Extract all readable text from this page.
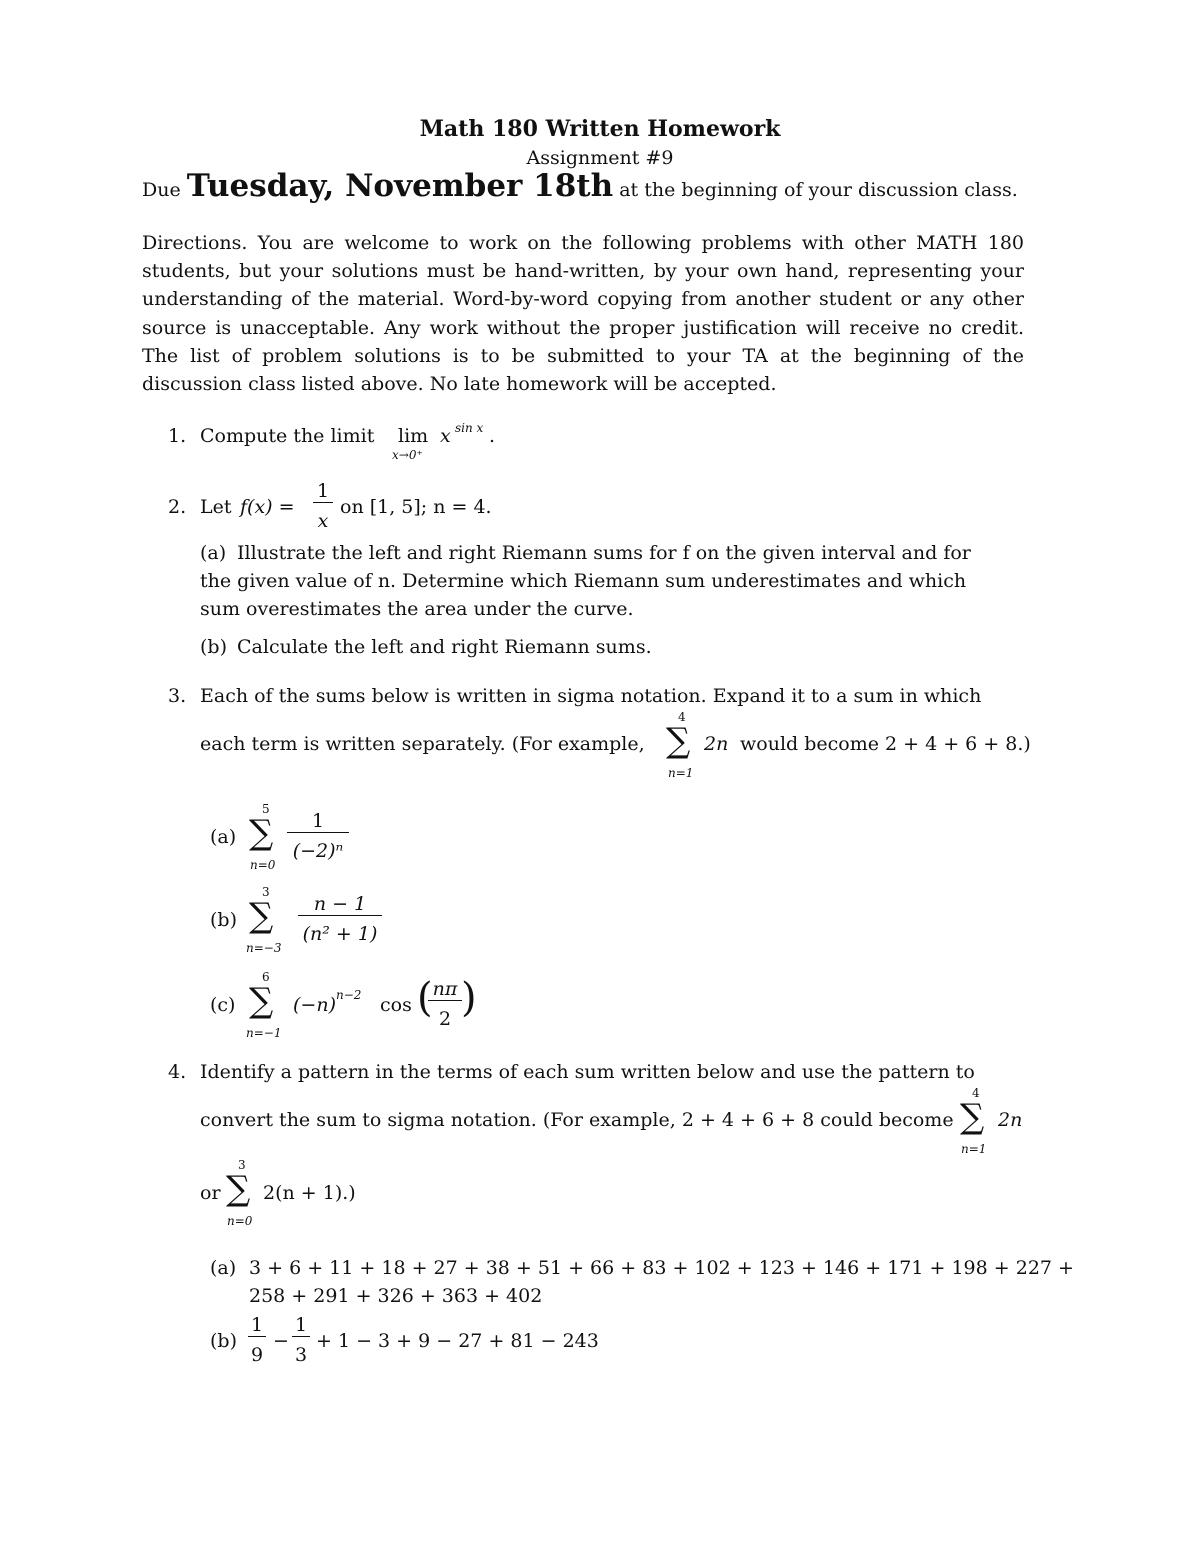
Math 180 Written Homework
Assignment #9
Due Tuesday, November 18th at the beginning of your discussion class.
Directions. You are welcome to work on the following problems with other MATH 180 students, but your solutions must be hand-written, by your own hand, representing your understanding of the material. Word-by-word copying from another student or any other source is unacceptable. Any work without the proper justification will receive no credit. The list of problem solutions is to be submitted to your TA at the beginning of the discussion class listed above. No late homework will be accepted.
1. Compute the limit lim
x→0⁺
x sin x .
2. Let f(x) =
1
x
on [1, 5]; n = 4.
(a) Illustrate the left and right Riemann sums for f on the given interval and for
the given value of n. Determine which Riemann sum underestimates and which
sum overestimates the area under the curve.
(b) Calculate the left and right Riemann sums.
3. Each of the sums below is written in sigma notation. Expand it to a sum in which
each term is written separately. (For example,
4
∑
n=1
2n would become 2 + 4 + 6 + 8.)
(a)
5
∑
n=0
1
(−2)ⁿ
(b)
3
∑
n=−3
n − 1
(n² + 1)
(c)
6
∑
n=−1
(−n) n−2 cos ( nπ
2 )
4. Identify a pattern in the terms of each sum written below and use the pattern to
convert the sum to sigma notation. (For example, 2 + 4 + 6 + 8 could become
4
∑
n=1
2n
or
3
∑
n=0
2(n + 1).)
(a) 3 + 6 + 11 + 18 + 27 + 38 + 51 + 66 + 83 + 102 + 123 + 146 + 171 + 198 + 227 +
258 + 291 + 326 + 363 + 402
(b)
1
9
−
1
3
+ 1 − 3 + 9 − 27 + 81 − 243
